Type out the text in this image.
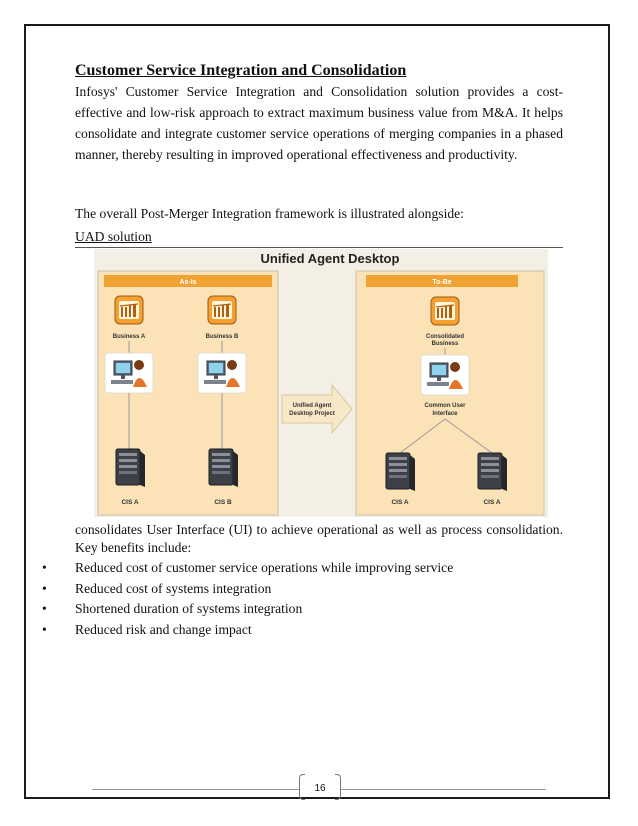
Customer Service Integration and Consolidation

Infosys' Customer Service Integration and Consolidation solution provides a cost-effective and low-risk approach to extract maximum business value from M&A. It helps consolidate and integrate customer service operations of merging companies in a phased manner, thereby resulting in improved operational effectiveness and productivity.

The overall Post-Merger Integration framework is illustrated alongside:

UAD solution
Unified Agent Desktop
As-Is
Business A	Business B
CIS A	CIS B
Unified Agent
Desktop Project
To-Be
Consolidated
Business
Common User
Interface
CIS A	CIS A

consolidates User Interface (UI) to achieve operational as well as process consolidation. Key benefits include:

• Reduced cost of customer service operations while improving service
• Reduced cost of systems integration
• Shortened duration of systems integration
• Reduced risk and change impact
16
